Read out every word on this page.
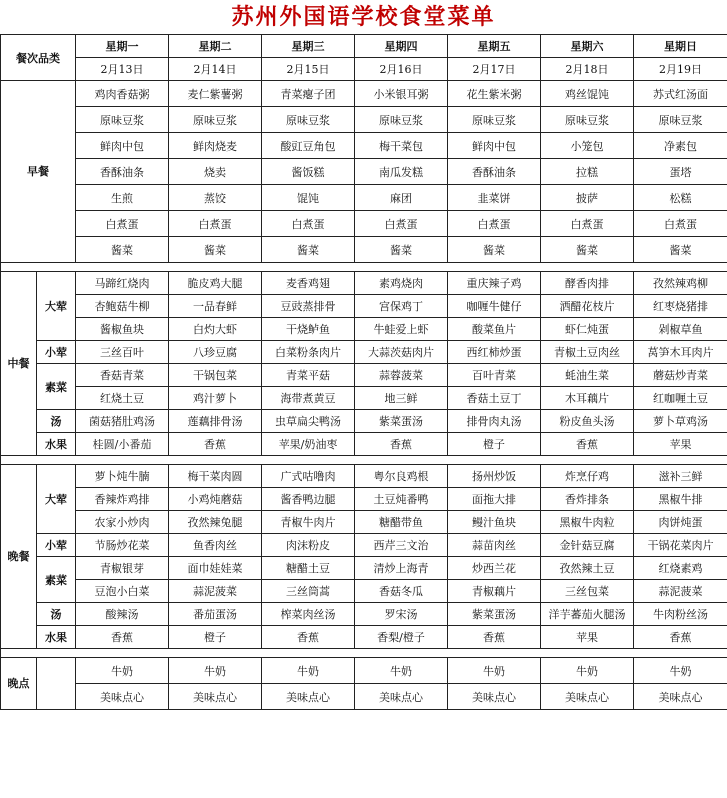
苏州外国语学校食堂菜单
餐次品类		星期一	星期二	星期三	星期四	星期五	星期六	星期日
		2月13日	2月14日	2月15日	2月16日	2月17日	2月18日	2月19日
早餐		鸡肉香菇粥	麦仁紫薯粥	青菜瘪子团	小米银耳粥	花生紫米粥	鸡丝馄饨	苏式红汤面
		原味豆浆	原味豆浆	原味豆浆	原味豆浆	原味豆浆	原味豆浆	原味豆浆
		鲜肉中包	鲜肉烧麦	酸豇豆角包	梅干菜包	鲜肉中包	小笼包	净素包
		香酥油条	烧卖	酱饭糕	南瓜发糕	香酥油条	拉糕	蛋塔
		生煎	蒸饺	馄饨	麻团	韭菜饼	披萨	松糕
		白煮蛋	白煮蛋	白煮蛋	白煮蛋	白煮蛋	白煮蛋	白煮蛋
		酱菜	酱菜	酱菜	酱菜	酱菜	酱菜	酱菜

中餐	大荤	马蹄红烧肉	脆皮鸡大腿	麦香鸡翅	素鸡烧肉	重庆辣子鸡	酵香肉排	孜然辣鸡柳
		杏鲍菇牛柳	一品春鲜	豆豉蒸排骨	宫保鸡丁	咖喱牛健仔	洒醋花枝片	红枣烧猪排
		酱椒鱼块	白灼大虾	干烧鲈鱼	牛蛙爱上虾	酸菜鱼片	虾仁炖蛋	剁椒草鱼
	小荤	三丝百叶	八珍豆腐	白菜粉条肉片	大蒜茨菇肉片	西红柿炒蛋	青椒土豆肉丝	莴笋木耳肉片
	素菜	香菇青菜	干锅包菜	青菜平菇	蒜蓉菠菜	百叶青菜	蚝油生菜	蘑菇炒青菜
		红烧土豆	鸡汁萝卜	海带煮黄豆	地三鲜	香菇土豆丁	木耳藕片	红咖喱土豆
	汤	菌菇猪肚鸡汤	莲藕排骨汤	虫草扁尖鸭汤	紫菜蛋汤	排骨肉丸汤	粉皮鱼头汤	萝卜草鸡汤
	水果	桂圆/小番茄	香蕉	苹果/奶油枣	香蕉	橙子	香蕉	苹果

晚餐	大荤	萝卜炖牛腩	梅干菜肉圆	广式咕噜肉	粤尔良鸡根	扬州炒饭	炸烹仔鸡	滋补三鲜
		香辣炸鸡排	小鸡炖蘑菇	酱香鸭边腿	土豆炖番鸭	面拖大排	香炸排条	黑椒牛排
		农家小炒肉	孜然辣兔腿	青椒牛肉片	糖醋带鱼	鳗汁鱼块	黑椒牛肉粒	肉饼炖蛋
	小荤	节肠炒花菜	鱼香肉丝	肉沫粉皮	西芹三文治	蒜苗肉丝	金针菇豆腐	干锅花菜肉片
	素菜	青椒银芽	面巾娃娃菜	糖醋土豆	清炒上海青	炒西兰花	孜然辣土豆	红烧素鸡
		豆泡小白菜	蒜泥菠菜	三丝筒蒿	香菇冬瓜	青椒藕片	三丝包菜	蒜泥菠菜
	汤	酸辣汤	番茄蛋汤	榨菜肉丝汤	罗宋汤	紫菜蛋汤	洋芋蕃茄火腿汤	牛肉粉丝汤
	水果	香蕉	橙子	香蕉	香梨/橙子	香蕉	苹果	香蕉

晚点		牛奶	牛奶	牛奶	牛奶	牛奶	牛奶	牛奶
		美味点心	美味点心	美味点心	美味点心	美味点心	美味点心	美味点心
